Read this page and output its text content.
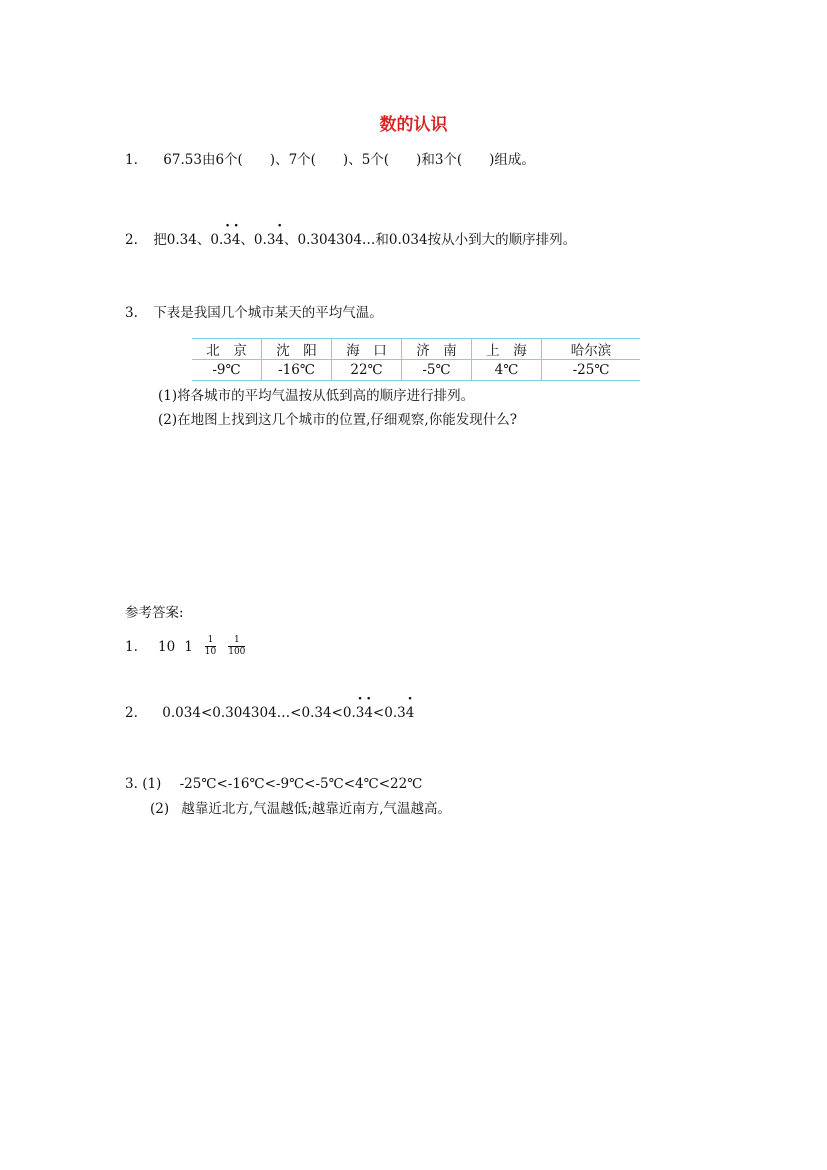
数的认识
1. 67.53由6个(　　)、7个(　　)、5个(　　)和3个(　　)组成。
2. 把0.34、0.· 3· 4、0.3· 4、0.304304…和0.034按从小到大的顺序排列。
3. 下表是我国几个城市某天的平均气温。
北　京	沈　阳	海　口	济　南	上　海	哈尔滨
-9℃	-16℃	22℃	-5℃	4℃	-25℃
(1)将各城市的平均气温按从低到高的顺序进行排列。
(2)在地图上找到这几个城市的位置,仔细观察,你能发现什么?
参考答案:
1.	10 $1 \frac{1}{10} \frac{1}{100}$
2. 0.034<0.304304…<0.34<0.· 3· 4<0.3· 4
3. (1) -25℃<-16℃<-9℃<-5℃<4℃<22℃
(2) 越靠近北方,气温越低;越靠近南方,气温越高。
